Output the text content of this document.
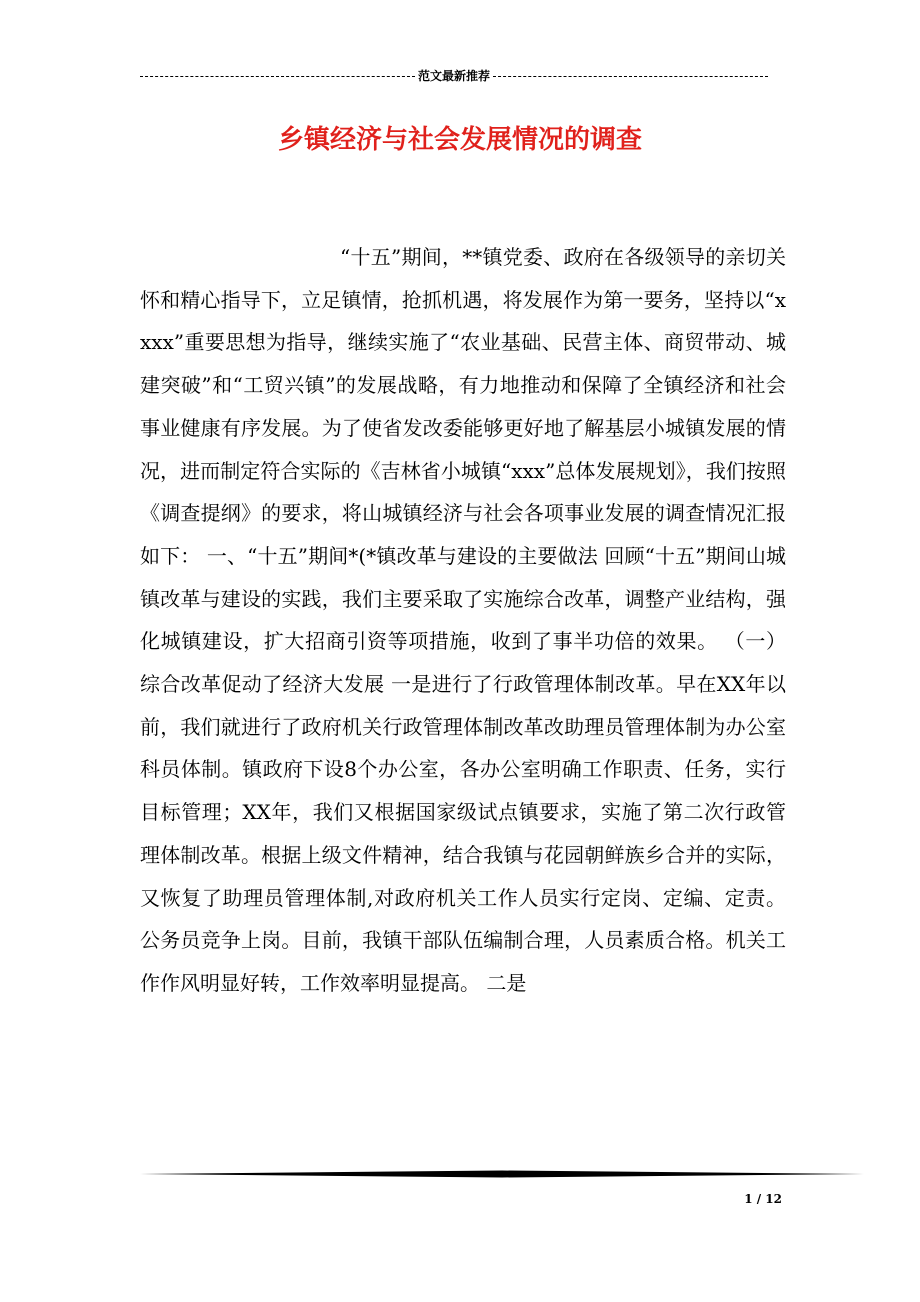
范文最新推荐
乡镇经济与社会发展情况的调查
“十五”期间，**镇党委、政府在各级领导的亲切关怀和精心指导下，立足镇情，抢抓机遇，将发展作为第一要务，坚持以“xxxx”重要思想为指导，继续实施了“农业基础、民营主体、商贸带动、城建突破”和“工贸兴镇”的发展战略，有力地推动和保障了全镇经济和社会事业健康有序发展。为了使省发改委能够更好地了解基层小城镇发展的情况，进而制定符合实际的《吉林省小城镇“xxx”总体发展规划》，我们按照《调查提纲》的要求，将山城镇经济与社会各项事业发展的调查情况汇报如下： 一、“十五”期间*(*镇改革与建设的主要做法 回顾“十五”期间山城镇改革与建设的实践，我们主要采取了实施综合改革，调整产业结构，强化城镇建设，扩大招商引资等项措施，收到了事半功倍的效果。 （一）综合改革促动了经济大发展 一是进行了行政管理体制改革。早在XX年以前，我们就进行了政府机关行政管理体制改革改助理员管理体制为办公室科员体制。镇政府下设8个办公室，各办公室明确工作职责、任务，实行目标管理；XX年，我们又根据国家级试点镇要求，实施了第二次行政管理体制改革。根据上级文件精神，结合我镇与花园朝鲜族乡合并的实际，又恢复了助理员管理体制,对政府机关工作人员实行定岗、定编、定责。公务员竞争上岗。目前，我镇干部队伍编制合理，人员素质合格。机关工作作风明显好转，工作效率明显提高。 二是
1 / 12
